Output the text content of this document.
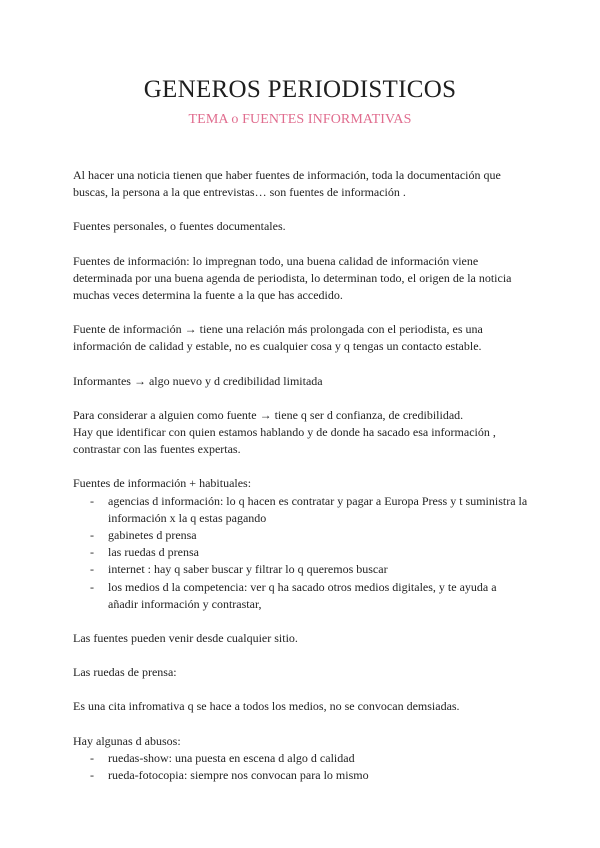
GENEROS PERIODISTICOS
TEMA o FUENTES INFORMATIVAS

Al hacer una noticia tienen que haber fuentes de información, toda la documentación que buscas, la persona a la que entrevistas… son fuentes de información .

Fuentes personales, o fuentes documentales.

Fuentes de información: lo impregnan todo, una buena calidad de información viene determinada por una buena agenda de periodista, lo determinan todo, el origen de la noticia muchas veces determina la fuente a la que has accedido.

Fuente de información → tiene una relación más prolongada con el periodista, es una información de calidad y estable, no es cualquier cosa y q tengas un contacto estable.

Informantes → algo nuevo y d credibilidad limitada

Para considerar a alguien como fuente → tiene q ser d confianza, de credibilidad.

Hay que identificar con quien estamos hablando y de donde ha sacado esa información , contrastar con las fuentes expertas.

Fuentes de información + habituales:

- agencias d información: lo q hacen es contratar y pagar a Europa Press y t suministra la información x la q estas pagando
- gabinetes d prensa
- las ruedas d prensa
- internet : hay q saber buscar y filtrar lo q queremos buscar
- los medios d la competencia: ver q ha sacado otros medios digitales, y te ayuda a añadir información y contrastar,

Las fuentes pueden venir desde cualquier sitio.

Las ruedas de prensa:

Es una cita infromativa q se hace a todos los medios, no se convocan demsiadas.

Hay algunas d abusos:

- ruedas-show: una puesta en escena d algo d calidad
- rueda-fotocopia: siempre nos convocan para lo mismo
